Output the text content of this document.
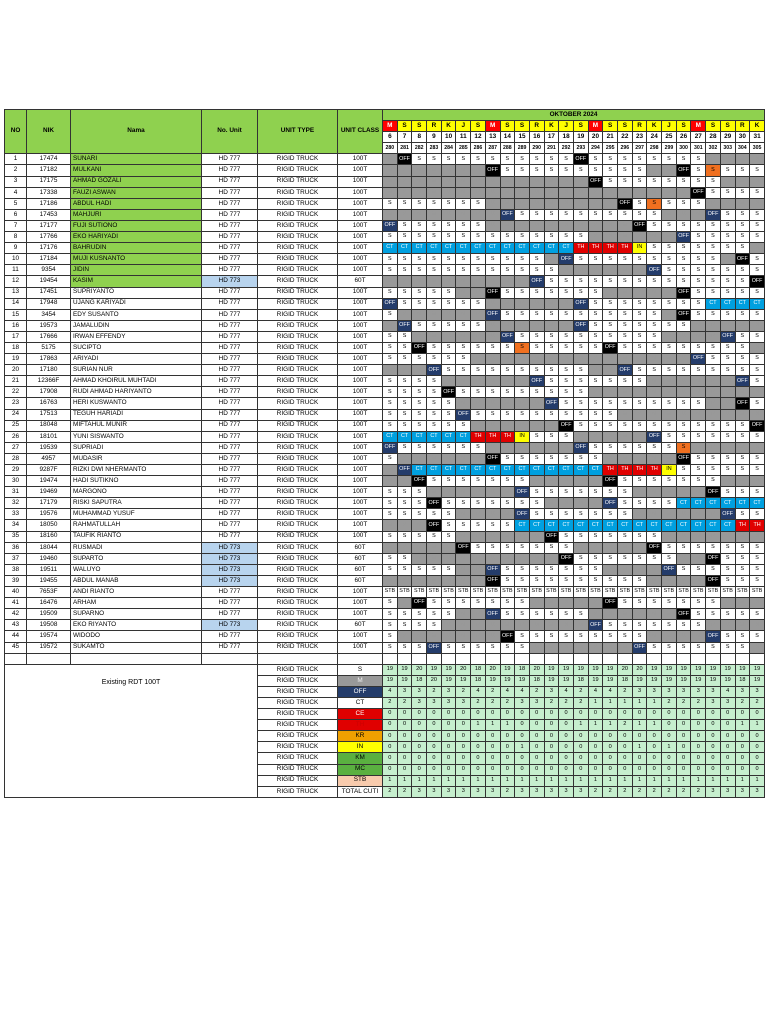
NO	NIK	Nama	No. Unit	UNIT TYPE	UNIT CLASS	OKTOBER 2024																									
						M	S	S	R	K	J	S	M	S	S	R	K	J	S	M	S	S	R	K	J	S	M	S	S	R	K
						6	7	8	9	10	11	12	13	14	15	16	17	18	19	20	21	22	23	24	25	26	27	28	29	30	31
						280	281	282	283	284	285	286	287	288	289	290	291	292	293	294	295	296	297	298	299	300	301	302	303	304	305
1	17474	SUNARI	HD 777	RIGID TRUCK	100T	M	OFF	S	S	S	S	S	S	S	S	S	S	S	OFF	S	S	S	S	S	S	S	S	M	M	M	M
2	17182	MULKANI	HD 777	RIGID TRUCK	100T	M	M	M	M	M	M	M	OFF	S	S	S	S	S	S	S	S	S	S	M	M	OFF	S	S	S	S	S
3	17175	AHMAD GOZALI	HD 777	RIGID TRUCK	100T	M	M	M	M	M	M	M	M	M	M	M	M	M	M	OFF	S	S	S	S	S	S	S	S	M	M	M
4	17338	FAUZI ASWAN	HD 777	RIGID TRUCK	100T	M	M	M	M	M	M	M	M	M	M	M	M	M	M	M	M	M	M	M	M	M	OFF	S	S	S	S
5	17186	ABDUL HADI	HD 777	RIGID TRUCK	100T	S	S	S	S	S	S	S	M	M	M	M	M	M	M	M	M	OFF	S	S	S	S	S	M	M	M	M
6	17453	MAHJURI	HD 777	RIGID TRUCK	100T	M	M	M	M	M	M	M	M	OFF	S	S	S	S	S	S	S	S	S	S	M	M	M	OFF	S	S	S
7	17177	FUJI SUTIONO	HD 777	RIGID TRUCK	100T	OFF	S	S	S	S	S	S	M	M	M	M	M	M	M	M	M	M	OFF	S	S	S	S	S	S	S	S
8	17766	EKO HARIYADI	HD 777	RIGID TRUCK	100T	S	S	S	S	S	S	S	S	S	S	S	S	S	S	M	M	M	M	M	M	OFF	S	S	S	S	S
9	17176	BAHRUDIN	HD 777	RIGID TRUCK	100T	CT	CT	CT	CT	CT	CT	CT	CT	CT	CT	CT	CT	CT	TH	TH	TH	TH	IN	S	S	S	S	S	S	S	M
10	17184	MUJI KUSNANTO	HD 777	RIGID TRUCK	100T	S	S	S	S	S	S	S	S	S	S	S	M	OFF	S	S	S	S	S	S	S	S	S	S	M	OFF	S
11	9354	JIDIN	HD 777	RIGID TRUCK	100T	S	S	S	S	S	S	S	S	S	S	S	S	M	M	M	M	M	M	OFF	S	S	S	S	S	S	S
12	19454	KASIM	HD 773	RIGID TRUCK	60T	M	M	M	M	M	M	M	M	M	M	OFF	S	S	S	S	S	S	S	S	S	S	S	S	S	S	OFF
13	17451	SUPRIYANTO	HD 777	RIGID TRUCK	100T	S	S	S	S	S	M	M	OFF	S	S	S	S	S	S	S	M	M	M	M	M	OFF	S	S	S	S	S
14	17948	UJANG KARIYADI	HD 777	RIGID TRUCK	100T	OFF	S	S	S	S	S	S	M	M	M	M	M	M	OFF	S	S	S	S	S	S	S	S	CT	CT	CT	CT
15	3454	EDY SUSANTO	HD 777	RIGID TRUCK	100T	S	M	M	M	M	M	M	OFF	S	S	S	S	S	S	S	S	S	S	S	M	OFF	S	S	S	S	S
16	19573	JAMALUDIN	HD 777	RIGID TRUCK	100T	M	OFF	S	S	S	S	S	M	M	M	M	M	M	OFF	S	S	S	S	S	S	S	M	M	M	M	M
17	17666	IRWAN EFFENDY	HD 777	RIGID TRUCK	100T	S	S	M	M	M	M	M	M	OFF	S	S	S	S	S	S	S	S	S	S	M	M	M	M	OFF	S	S
18	5175	SUCIPTO	HD 777	RIGID TRUCK	100T	S	S	OFF	S	S	S	S	S	S	S	S	S	S	S	S	OFF	S	S	S	S	S	S	S	S	S	M
19	17863	ARIYADI	HD 777	RIGID TRUCK	100T	S	S	S	S	S	S	M	M	M	M	M	M	M	M	M	M	M	M	M	M	M	OFF	S	S	S	S
20	17180	SURIAN NUR	HD 777	RIGID TRUCK	100T	M	M	M	OFF	S	S	S	S	S	S	S	S	S	S	M	M	OFF	S	S	S	S	S	S	S	S	S
21	12366F	AHMAD KHOIRUL MUHTADI	HD 777	RIGID TRUCK	100T	S	S	S	S	M	M	M	M	M	M	OFF	S	S	S	S	S	S	S	M	M	M	M	M	M	OFF	S
22	17908	RUDI AHMAD HARIYANTO	HD 777	RIGID TRUCK	100T	S	S	S	S	OFF	S	S	S	S	S	S	S	S	S	M	M	M	M	M	M	M	M	M	M	M	M
23	16763	HERI KUSWANTO	HD 777	RIGID TRUCK	100T	S	S	S	S	S	M	M	M	M	M	M	OFF	S	S	S	S	S	S	S	S	S	S	M	M	OFF	S
24	17513	TEGUH HARIADI	HD 777	RIGID TRUCK	100T	S	S	S	S	S	OFF	S	S	S	S	S	S	S	S	S	S	M	M	M	M	M	M	M	M	M	M
25	18048	MIFTAHUL MUNIR	HD 777	RIGID TRUCK	100T	S	S	S	S	S	S	M	M	M	M	M	M	OFF	S	S	S	S	S	S	S	S	S	S	S	S	OFF
26	18101	YUNI SISWANTO	HD 777	RIGID TRUCK	100T	CT	CT	CT	CT	CT	CT	TH	TH	TH	IN	S	S	S	M	M	M	M	M	OFF	S	S	S	S	S	S	S
27	19539	SUPRIADI	HD 777	RIGID TRUCK	100T	OFF	S	S	S	S	S	S	M	M	M	M	M	M	OFF	S	S	S	S	S	S	S	M	M	M	M	M
28	4957	MUDASIR	HD 777	RIGID TRUCK	100T	S	M	M	M	M	M	M	OFF	S	S	S	S	S	S	S	M	M	M	M	M	OFF	S	S	S	S	S
29	9287F	RIZKI DWI NHERMANTO	HD 777	RIGID TRUCK	100T	M	OFF	CT	CT	CT	CT	CT	CT	CT	CT	CT	CT	CT	CT	CT	TH	TH	TH	TH	IN	S	S	S	S	S	S
30	19474	HADI SUTIKNO	HD 777	RIGID TRUCK	100T	M	M	OFF	S	S	S	S	S	S	S	M	M	M	M	M	OFF	S	S	S	S	S	S	S	M	M	M
31	19469	MARGONO	HD 777	RIGID TRUCK	100T	S	S	S	M	M	M	M	M	M	OFF	S	S	S	S	S	S	S	M	M	M	M	M	OFF	S	S	S
32	17179	RISKI SAPUTRA	HD 777	RIGID TRUCK	100T	S	S	S	OFF	S	S	S	S	S	S	S	M	M	M	M	OFF	S	S	S	S	CT	CT	CT	CT	CT	CT
33	19576	MUHAMMAD YUSUF	HD 777	RIGID TRUCK	100T	S	S	S	S	S	M	M	M	M	OFF	S	S	S	S	S	S	S	M	M	M	M	M	M	OFF	S	S
34	18050	RAHMATULLAH	HD 777	RIGID TRUCK	100T	M	M	M	OFF	S	S	S	S	S	CT	CT	CT	CT	CT	CT	CT	CT	CT	CT	CT	CT	CT	CT	CT	TH	TH
35	18160	TAUFIK RIANTO	HD 777	RIGID TRUCK	100T	S	S	S	S	S	M	M	M	M	M	M	OFF	S	S	S	S	S	S	S	M	M	M	M	M	M	M
36	18044	RUSMADI	HD 773	RIGID TRUCK	60T	M	M	M	M	M	OFF	S	S	S	S	S	S	S	M	M	M	M	M	OFF	S	S	S	S	S	S	S
37	19460	SUPARTO	HD 773	RIGID TRUCK	60T	S	S	M	M	M	M	M	M	M	M	M	M	OFF	S	S	S	S	S	S	S	M	M	OFF	S	S	S
38	19511	WALUYO	HD 773	RIGID TRUCK	60T	S	S	S	S	S	M	M	OFF	S	S	S	S	S	S	S	M	M	M	M	OFF	S	S	S	S	S	S
39	19455	ABDUL MANAB	HD 773	RIGID TRUCK	60T	M	M	M	M	M	M	M	OFF	S	S	S	S	S	S	S	S	S	S	M	M	M	M	OFF	S	S	S
40	7653F	ANDI RIANTO	HD 777	RIGID TRUCK	100T	STB	STB	STB	STB	STB	STB	STB	STB	STB	STB	STB	STB	STB	STB	STB	STB	STB	STB	STB	STB	STB	STB	STB	STB	STB	STB
41	16476	ARHAM	HD 777	RIGID TRUCK	100T	S	M	OFF	S	S	S	S	S	S	S	M	M	M	M	M	OFF	S	S	S	S	S	S	S	M	M	M
42	19509	SUPARNO	HD 777	RIGID TRUCK	100T	S	S	S	S	S	M	M	OFF	S	S	S	S	S	S	M	M	M	M	M	M	OFF	S	S	S	S	S
43	19508	EKO RIYANTO	HD 773	RIGID TRUCK	60T	S	S	S	S	M	M	M	M	M	M	M	M	M	M	OFF	S	S	S	S	S	S	S	M	M	M	M
44	19574	WIDODO	HD 777	RIGID TRUCK	100T	S	M	M	M	M	M	M	M	OFF	S	S	S	S	S	S	S	S	S	M	M	M	M	OFF	S	S	S
45	19572	SUKAMTO	HD 777	RIGID TRUCK	100T	S	S	S	OFF	S	S	S	S	S	S	M	M	M	M	M	M	M	OFF	S	S	S	S	S	S	S	M

Existing RDT 100T				RIGID TRUCK	S	19	19	20	19	19	20	18	20	19	18	20	19	19	19	19	19	20	20	19	19	19	19	19	19	19	19
				RIGID TRUCK	M	19	19	18	20	19	19	18	19	19	19	18	19	19	18	19	19	18	19	19	19	19	19	19	19	18	19
				RIGID TRUCK	OFF	4	3	3	2	3	2	4	2	4	4	2	3	4	2	4	4	2	3	3	3	3	3	3	4	3	3
				RIGID TRUCK	CT	2	2	3	3	3	3	2	2	2	3	3	2	2	2	1	1	1	1	1	2	2	2	3	3	2	2
				RIGID TRUCK	CE	0	0	0	0	0	0	0	0	0	0	0	0	0	0	0	0	0	0	0	0	0	0	0	0	0	0
				RIGID TRUCK	TH	0	0	0	0	0	0	1	1	1	0	0	0	0	1	1	1	2	1	1	0	0	0	0	0	1	1
				RIGID TRUCK	KR	0	0	0	0	0	0	0	0	0	0	0	0	0	0	0	0	0	0	0	0	0	0	0	0	0	0
				RIGID TRUCK	IN	0	0	0	0	0	0	0	0	0	1	0	0	0	0	0	0	0	1	0	1	0	0	0	0	0	0
				RIGID TRUCK	KM	0	0	0	0	0	0	0	0	0	0	0	0	0	0	0	0	0	0	0	0	0	0	0	0	0	0
				RIGID TRUCK	MC	0	0	0	0	0	0	0	0	0	0	0	0	0	0	0	0	0	0	0	0	0	0	0	0	0	0
				RIGID TRUCK	STB	1	1	1	1	1	1	1	1	1	1	1	1	1	1	1	1	1	1	1	1	1	1	1	1	1	1
				RIGID TRUCK	TOTAL CUTI	2	2	3	3	3	3	3	3	2	3	3	3	3	3	2	2	2	2	2	2	2	2	3	3	3	3
